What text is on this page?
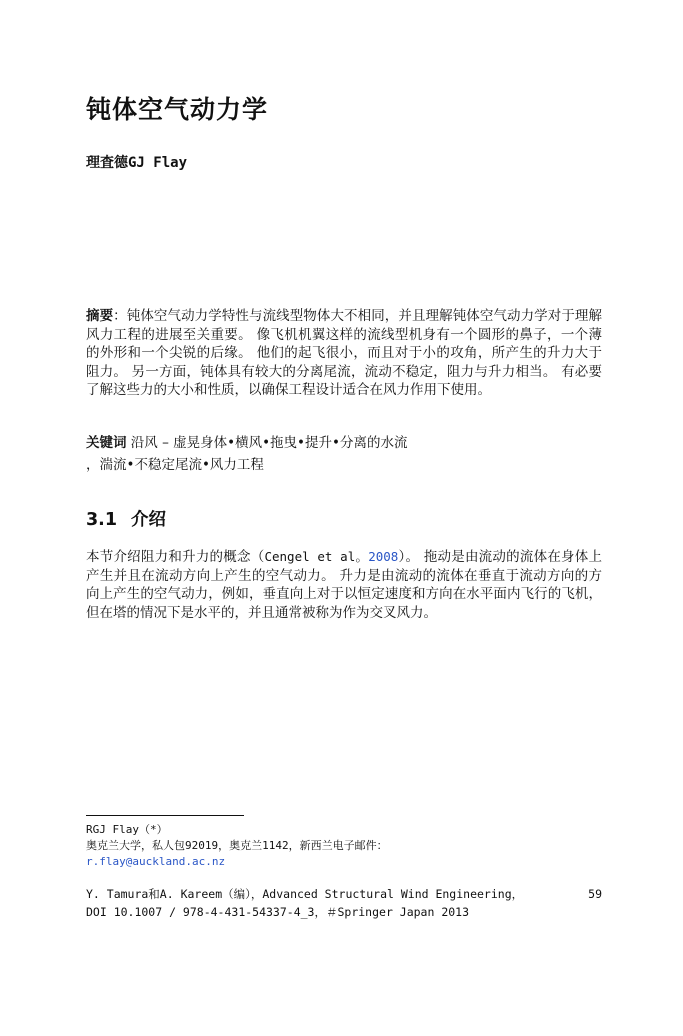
钝体空气动力学
理査德GJ Flay
摘要：钝体空气动力学特性与流线型物体大不相同，并且理解钝体空气动力学对于理解风力工程的进展至关重要。 像飞机机翼这样的流线型机身有一个圆形的鼻子，一个薄的外形和一个尖锐的后缘。 他们的起飞很小，而且对于小的攻角，所产生的升力大于阻力。 另一方面，钝体具有较大的分离尾流，流动不稳定，阻力与升力相当。 有必要了解这些力的大小和性质，以确保工程设计适合在风力作用下使用。
关键词 沿风 – 虚晃身体•横风•拖曳•提升•分离的水流
，湍流•不稳定尾流•风力工程
3.1 介绍
本节介绍阻力和升力的概念（Cengel et al。2008）。 拖动是由流动的流体在身体上产生并且在流动方向上产生的空气动力。 升力是由流动的流体在垂直于流动方向的方向上产生的空气动力，例如，垂直向上对于以恒定速度和方向在水平面内飞行的飞机，但在塔的情况下是水平的，并且通常被称为作为交叉风力。
RGJ Flay（*）
奥克兰大学，私人包92019，奥克兰1142，新西兰电子邮件：
r.flay@auckland.ac.nz
Y. Tamura和A. Kareem（编），Advanced Structural Wind Engineering，	59
DOI 10.1007 / 978-4-431-54337-4_3，＃Springer Japan 2013
